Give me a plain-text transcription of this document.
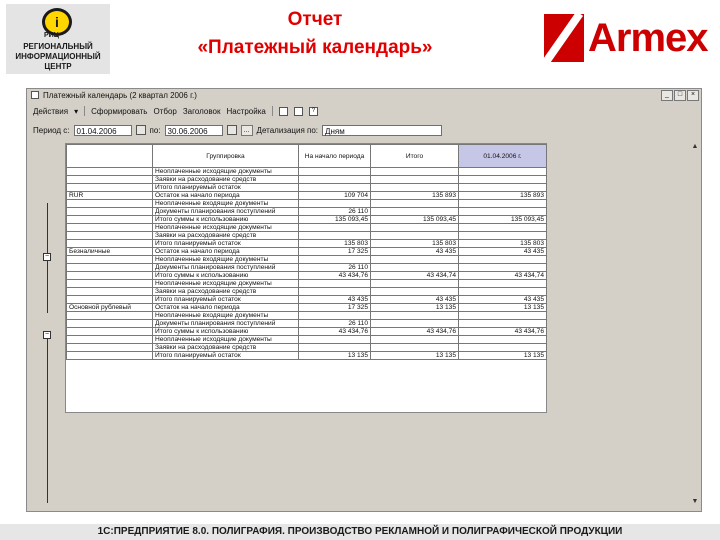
i
РИЦ
РЕГИОНАЛЬНЫЙ
ИНФОРМАЦИОННЫЙ
ЦЕНТР
Отчет
«Платежный календарь»	Armex
Платежный календарь (2 квартал 2006 г.)	_	□	×
Действия ▾ Сформировать Отбор Заголовок Настройка	?
Период с: 01.04.2006	по: 30.06.2006	... Детализация по: Дням
−
−
	Группировка	На начало периода	Итого	01.04.2006 г.
	Неоплаченные исходящие документы			
	Заявки на расходование средств			
	Итого планируемый остаток			
RUR	Остаток на начало периода	109 704	135 893	135 893
	Неоплаченные входящие документы			
	Документы планирования поступлений	26 110		
	Итого суммы к использованию	135 093,45	135 093,45	135 093,45
	Неоплаченные исходящие документы			
	Заявки на расходование средств			
	Итого планируемый остаток	135 803	135 803	135 803
Безналичные	Остаток на начало периода	17 325	43 435	43 435
	Неоплаченные входящие документы			
	Документы планирования поступлений	26 110		
	Итого суммы к использованию	43 434,76	43 434,74	43 434,74
	Неоплаченные исходящие документы			
	Заявки на расходование средств			
	Итого планируемый остаток	43 435	43 435	43 435
Основной рублевый	Остаток на начало периода	17 325	13 135	13 135
	Неоплаченные входящие документы			
	Документы планирования поступлений	26 110		
	Итого суммы к использованию	43 434,76	43 434,76	43 434,76
	Неоплаченные исходящие документы			
	Заявки на расходование средств			
	Итого планируемый остаток	13 135	13 135	13 135
▲
▼
1С:ПРЕДПРИЯТИЕ 8.0. ПОЛИГРАФИЯ. ПРОИЗВОДСТВО РЕКЛАМНОЙ И ПОЛИГРАФИЧЕСКОЙ ПРОДУКЦИИ
